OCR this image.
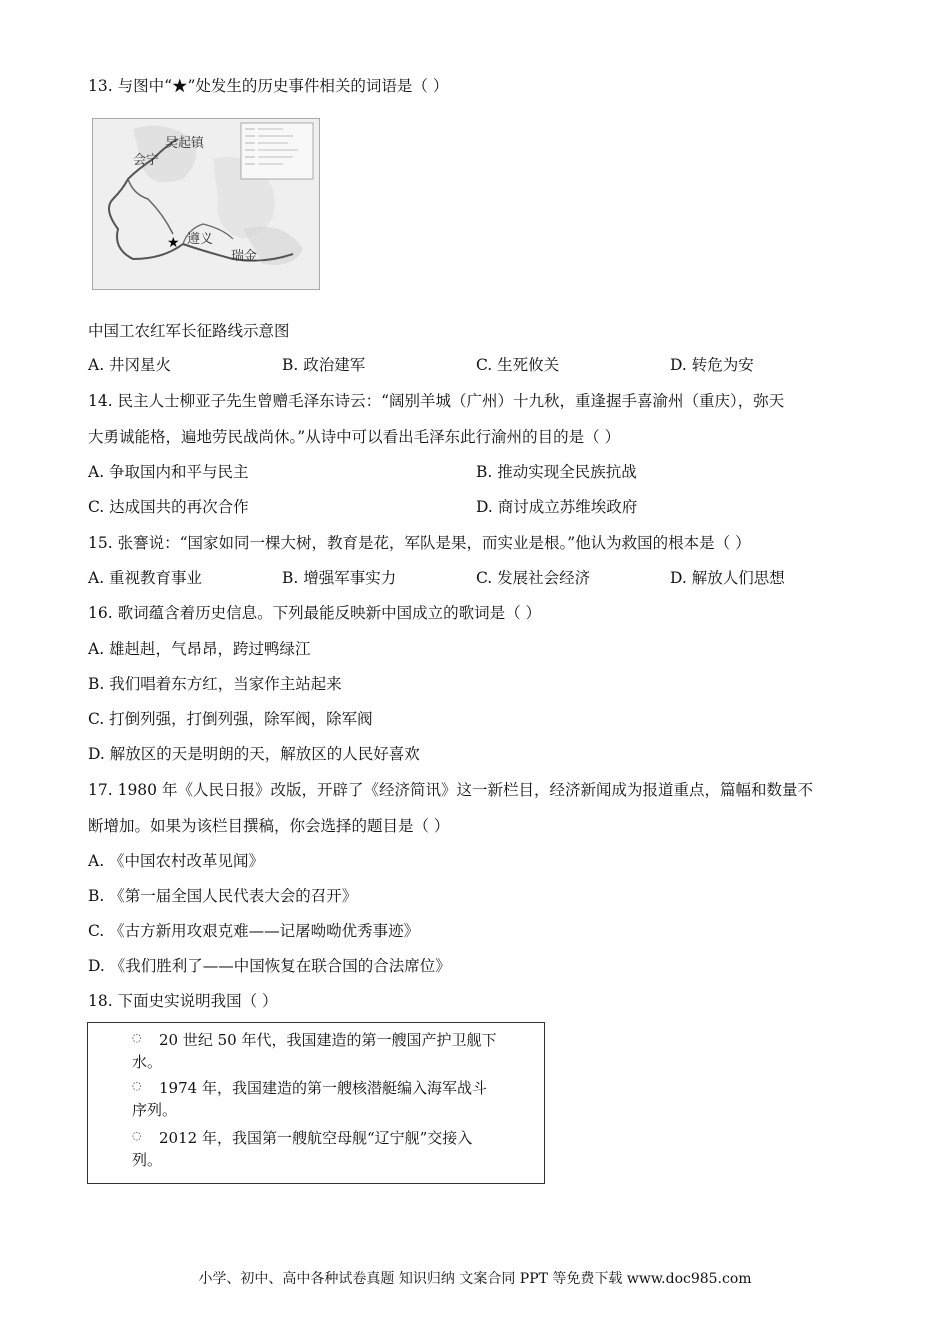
13. 与图中“★”处发生的历史事件相关的词语是（ ）
★
吴起镇
会宁
遵义
瑞金
中国工农红军长征路线示意图
A. 井冈星火	B. 政治建军	C. 生死攸关	D. 转危为安
14. 民主人士柳亚子先生曾赠毛泽东诗云：“阔别羊城（广州）十九秋，重逢握手喜渝州（重庆），弥天
大勇诚能格，遍地劳民战尚休。”从诗中可以看出毛泽东此行渝州的目的是（ ）
A. 争取国内和平与民主	B. 推动实现全民族抗战
C. 达成国共的再次合作	D. 商讨成立苏维埃政府
15. 张謇说：“国家如同一棵大树，教育是花，军队是果，而实业是根。”他认为救国的根本是（ ）
A. 重视教育事业	B. 增强军事实力	C. 发展社会经济	D. 解放人们思想
16. 歌词蕴含着历史信息。下列最能反映新中国成立的歌词是（ ）
A. 雄赳赳，气昂昂，跨过鸭绿江
B. 我们唱着东方红，当家作主站起来
C. 打倒列强，打倒列强，除军阀，除军阀
D. 解放区的天是明朗的天，解放区的人民好喜欢
17. 1980 年《人民日报》改版，开辟了《经济简讯》这一新栏目，经济新闻成为报道重点，篇幅和数量不
断增加。如果为该栏目撰稿，你会选择的题目是（ ）
A. 《中国农村改革见闻》
B. 《第一届全国人民代表大会的召开》
C. 《古方新用攻艰克难——记屠呦呦优秀事迹》
D. 《我们胜利了——中国恢复在联合国的合法席位》
18. 下面史实说明我国（ ）
◌ 20 世纪 50 年代，我国建造的第一艘国产护卫舰下
水。
◌ 1974 年，我国建造的第一艘核潜艇编入海军战斗
序列。
◌ 2012 年，我国第一艘航空母舰“辽宁舰”交接入
列。
小学、初中、高中各种试卷真题 知识归纳 文案合同 PPT 等免费下载 www.doc985.com
